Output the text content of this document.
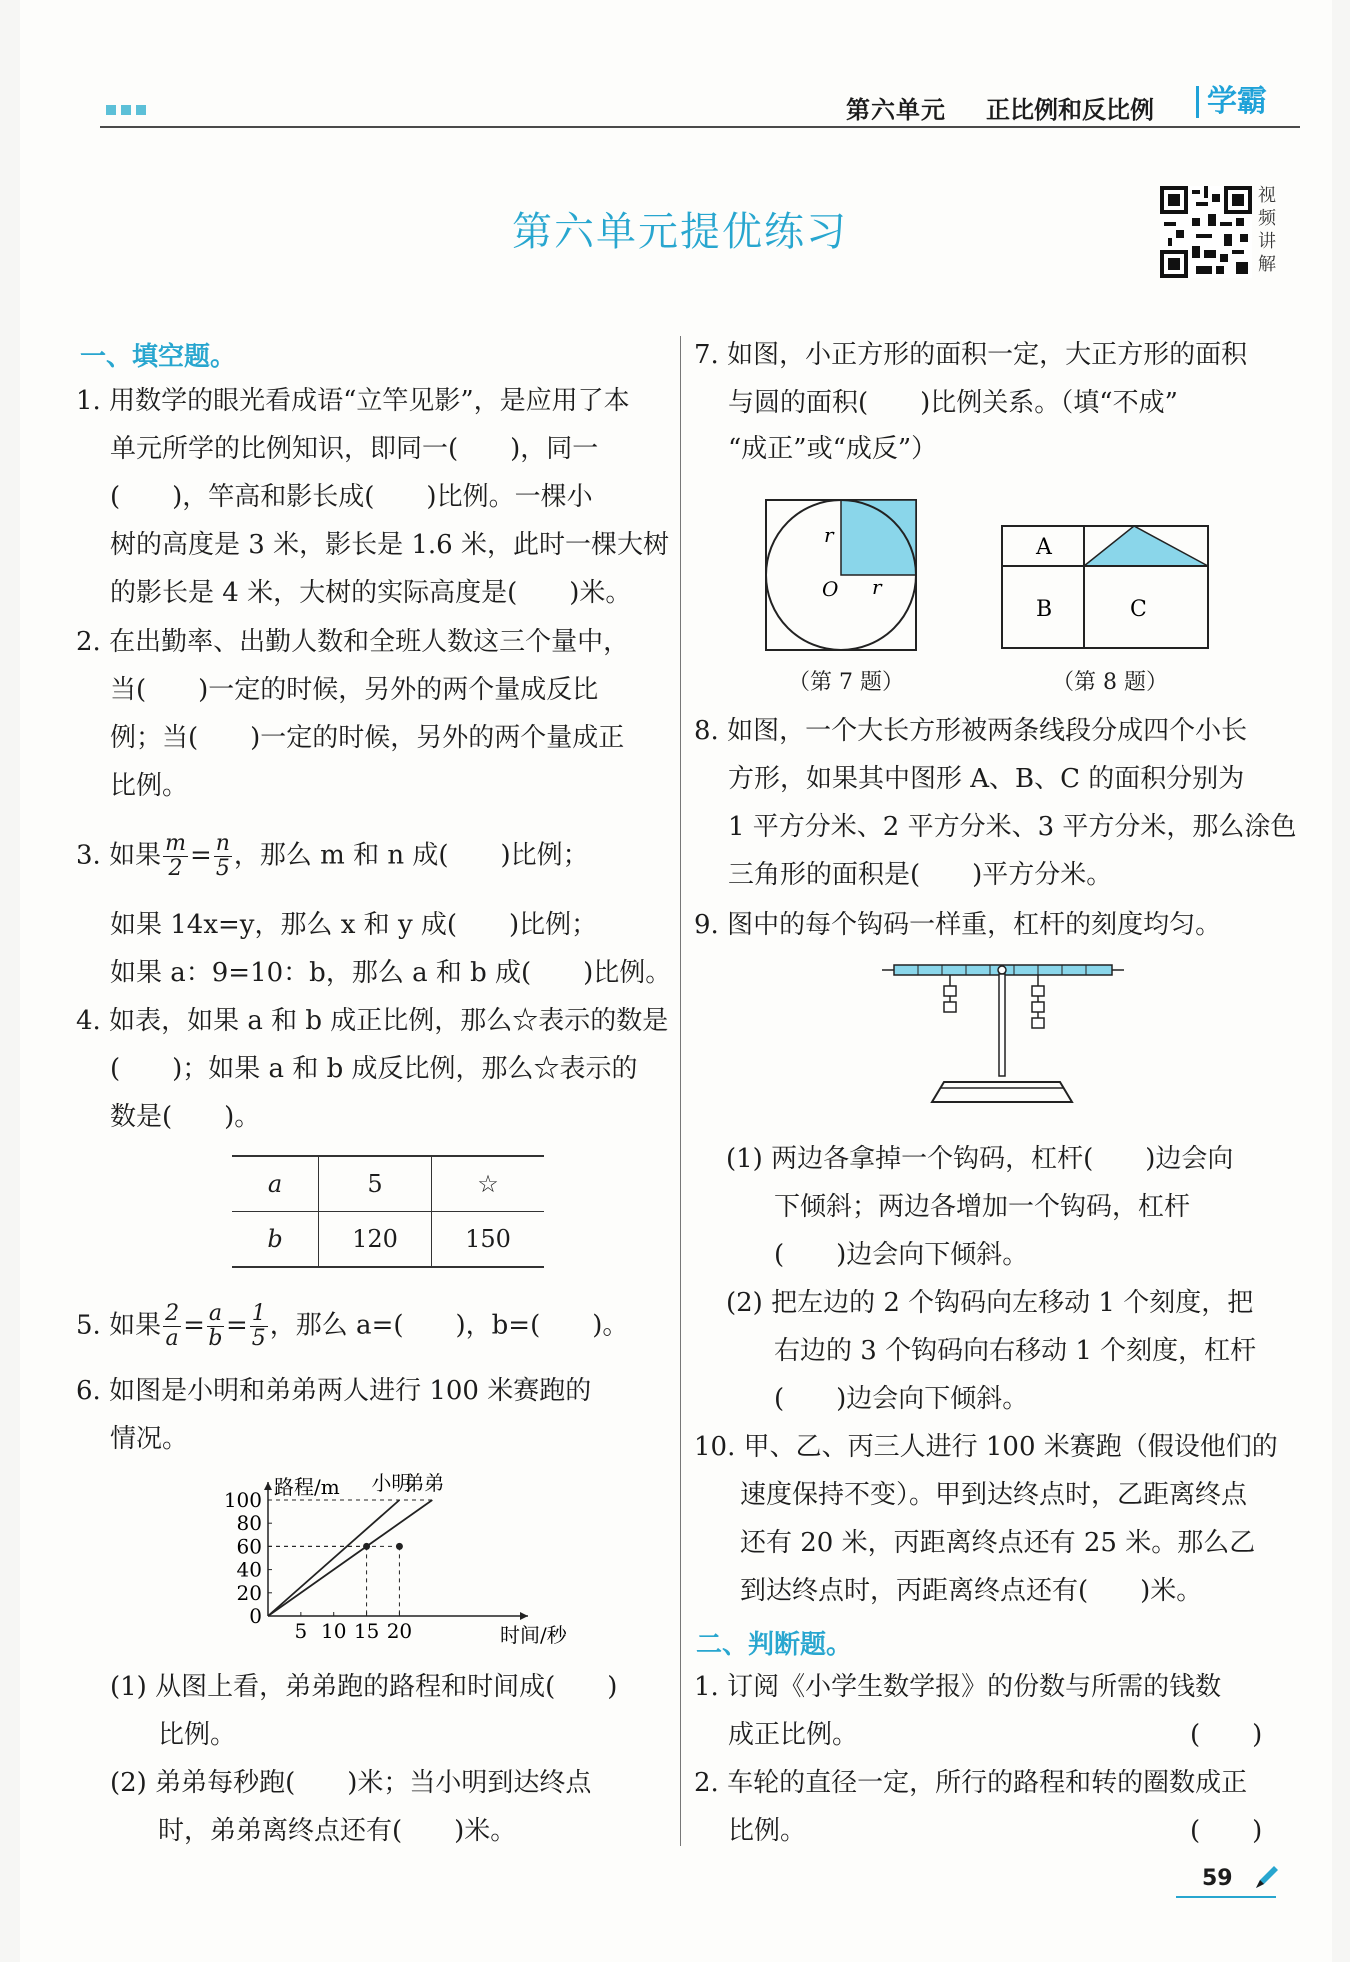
第六单元 正比例和反比例	学霸
第六单元提优练习
视频讲解
一、填空题。
1. 用数学的眼光看成语“立竿见影”，是应用了本
单元所学的比例知识，即同一(　　)，同一
(　　)，竿高和影长成(　　)比例。一棵小
树的高度是 3 米，影长是 1.6 米，此时一棵大树
的影长是 4 米，大树的实际高度是(　　)米。
2. 在出勤率、出勤人数和全班人数这三个量中，
当(　　)一定的时候，另外的两个量成反比
例；当(　　)一定的时候，另外的两个量成正
比例。
3. 如果 $\frac{m}{2} = \frac{n}{5}$ ，那么 m 和 n 成(　　)比例；
如果 14x=y，那么 x 和 y 成(　　)比例；
如果 a：9=10：b，那么 a 和 b 成(　　)比例。
4. 如表，如果 a 和 b 成正比例，那么☆表示的数是
(　　)；如果 a 和 b 成反比例，那么☆表示的
数是(　　)。
a	5	☆
b	120	150
5. 如果 $\frac{2}{a} = \frac{a}{b} = \frac{1}{5}$ ，那么 a=(　　)，b=(　　)。
6. 如图是小明和弟弟两人进行 100 米赛跑的
情况。
0
20
40
60
80
100
5 10 15 20
路程/m
时间/秒
小明
弟弟
(1) 从图上看，弟弟跑的路程和时间成(　　)
比例。
(2) 弟弟每秒跑(　　)米；当小明到达终点
时，弟弟离终点还有(　　)米。
7. 如图，小正方形的面积一定，大正方形的面积
与圆的面积(　　)比例关系。（填“不成”
“成正”或“成反”）
r
r
O
（第 7 题）
A
B	C
（第 8 题）
8. 如图，一个大长方形被两条线段分成四个小长
方形，如果其中图形 A、B、C 的面积分别为
1 平方分米、2 平方分米、3 平方分米，那么涂色
三角形的面积是(　　)平方分米。
9. 图中的每个钩码一样重，杠杆的刻度均匀。
(1) 两边各拿掉一个钩码，杠杆(　　)边会向
下倾斜；两边各增加一个钩码，杠杆
(　　)边会向下倾斜。
(2) 把左边的 2 个钩码向左移动 1 个刻度，把
右边的 3 个钩码向右移动 1 个刻度，杠杆
(　　)边会向下倾斜。
10. 甲、乙、丙三人进行 100 米赛跑（假设他们的
速度保持不变）。甲到达终点时，乙距离终点
还有 20 米，丙距离终点还有 25 米。那么乙
到达终点时，丙距离终点还有(　　)米。
二、判断题。
1. 订阅《小学生数学报》的份数与所需的钱数
成正比例。	(　　)
2. 车轮的直径一定，所行的路程和转的圈数成正
比例。	(　　)
59
